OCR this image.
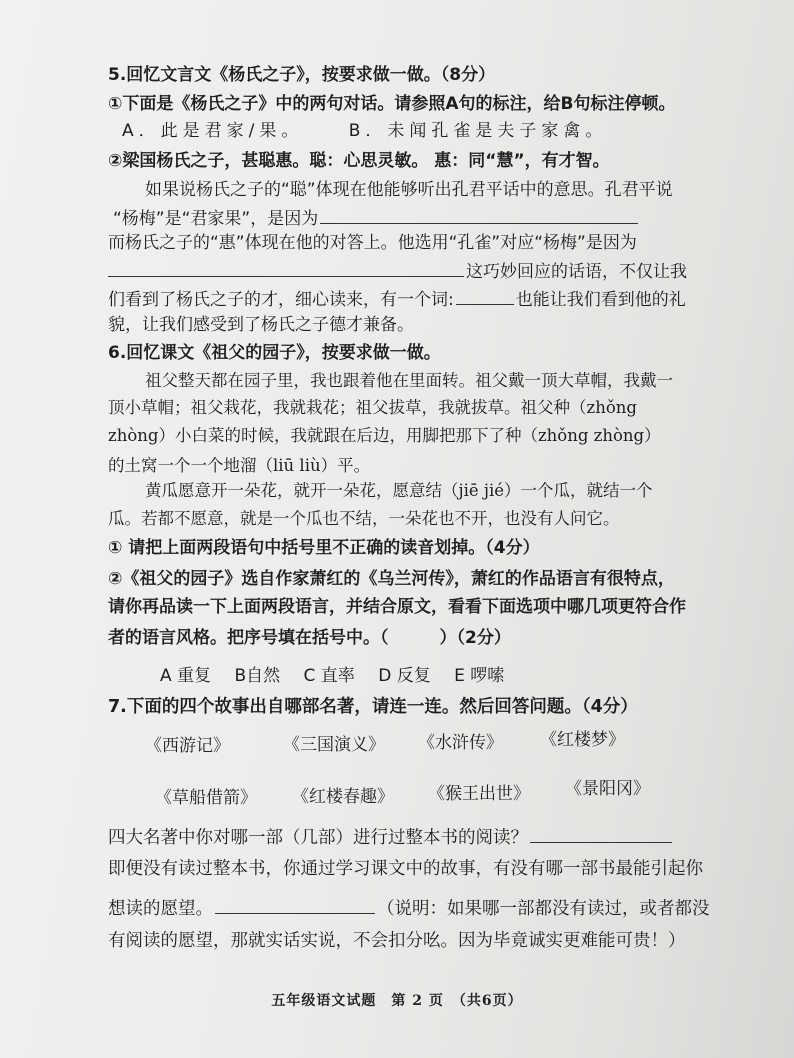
5.回忆文言文《杨氏之子》，按要求做一做。（8分）
①下面是《杨氏之子》中的两句对话。请参照A句的标注，给B句标注停顿。
A．此是君家/果。	B．未闻孔雀是夫子家禽。
②梁国杨氏之子，甚聪惠。聪：心思灵敏。 惠：同“慧”，有才智。
如果说杨氏之子的“聪”体现在他能够听出孔君平话中的意思。孔君平说
“杨梅”是“君家果”，是因为
而杨氏之子的“惠”体现在他的对答上。他选用“孔雀”对应“杨梅”是因为
这巧妙回应的话语，不仅让我
们看到了杨氏之子的才，细心读来，有一个词:	也能让我们看到他的礼
貌，让我们感受到了杨氏之子德才兼备。
6.回忆课文《祖父的园子》，按要求做一做。
祖父整天都在园子里，我也跟着他在里面转。祖父戴一顶大草帽，我戴一
顶小草帽；祖父栽花，我就栽花；祖父拔草，我就拔草。祖父种（zhǒng
zhòng）小白菜的时候，我就跟在后边，用脚把那下了种（zhǒng zhòng）
的土窝一个一个地溜（liū liù）平。
黄瓜愿意开一朵花，就开一朵花，愿意结（jiē jié）一个瓜，就结一个
瓜。若都不愿意，就是一个瓜也不结，一朵花也不开，也没有人问它。
① 请把上面两段语句中括号里不正确的读音划掉。（4分）
②《祖父的园子》选自作家萧红的《乌兰河传》，萧红的作品语言有很特点，
请你再品读一下上面两段语言，并结合原文，看看下面选项中哪几项更符合作
者的语言风格。把序号填在括号中。（　　　）（2分）
A 重复 B自然 C 直率 D 反复 E 啰嗦
7.下面的四个故事出自哪部名著，请连一连。然后回答问题。（4分）
《西游记》	《三国演义》 《水浒传》 《红楼梦》
《草船借箭》 《红楼春趣》 《猴王出世》 《景阳冈》
四大名著中你对哪一部（几部）进行过整本书的阅读？
即便没有读过整本书，你通过学习课文中的故事，有没有哪一部书最能引起你
想读的愿望。	（说明：如果哪一部都没有读过，或者都没
有阅读的愿望，那就实话实说，不会扣分吆。因为毕竟诚实更难能可贵！）
五年级语文试题　第 2 页　（共6页）
